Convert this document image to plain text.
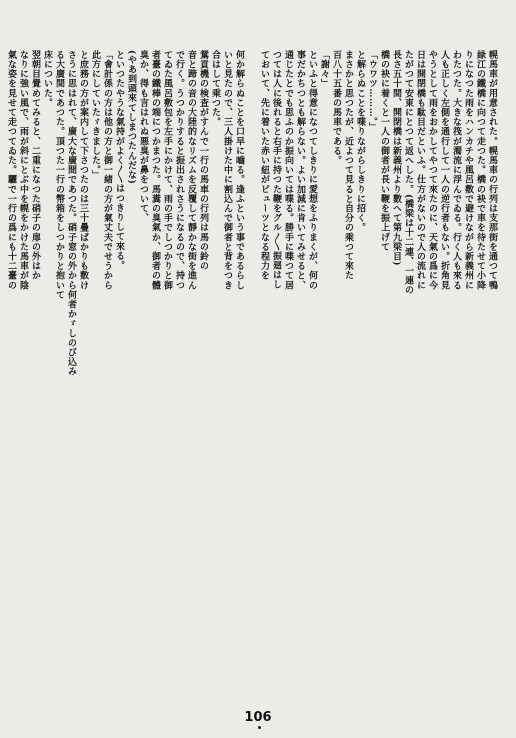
幌馬車が用意された。幌馬車の行列は支那街を通つて鴨
緑江の鐵橋に向つて走つた。橋の袂で車を待たせて小降
りになつた雨をハンカチや風呂敷で避けながら新義州に
わたつた。大きな筏が濁流に浮んでゐる。行く人も來る
人も正しく左側を通行して一人の逆行者もない。折角見
やうとして雨をおかしてやつて來たのに、天氣の爲に今
日は開閉橋も駄目だといふ。仕方がないので人の流れに
たがつて安東にとつて返へした。(橋梁は十二連、一連の
長さ五十間、開閉橋は新義州より數へて第九梁目)
橋の袂に着くと一人の御者が長い鞭を振上げて
「ウワツ………。」
と解らぬことを喋りながらしきりに招く。
まさかと思つたが、近よつて見ると自分の乘つて來た
百八十五番の馬車である。
「謝々」
といふと得意になつてしきりに愛想をふりまくが、何の
事だかちつとも解らない。よい加減に肯いてみせると、
通じたとでも思ふのか振向いては喋る。勝手に喋つて居
つては人に後れると右手に持つた鞭をグル〳〵振廻はし
ておいて、先に着いた赤い紐がピューツとなる程力を
何か解らぬことを口早に嚙る。逢ふという事であるらし
いと見たので、三人掛けた中に割込んで御者と背をつき
合はして乘つた。
鴛貢機の検査がすんで一行の馬車の行列は馬の鈴の
音と蹄の音の大陸的なリズムを反覆して靜かな街を進ん
で行く。うつかりすると振出されさうになるので、持つ
てゐた風呂敷包を左手にかけて、雨の手でしつかりと御
者臺の鐵棒の端につかまつた。馬糞の臭氣か、御者の體
臭か、得も言はれぬ悪臭が鼻をついて、
(やあ到頭來てしまつたんだな)
といつたやうな氣持がよく〳〵はつきりして來る。
「會計係の方は他の方と御一緒の方が氣丈夫でせうから
此方にしていたゞきました。」
と庶務の方が案内して下さつたのは三十疊ばかりも敷け
さうに思はれて、廣大な廣間であつた。硝子窓の外から何者かゞしのび込み
る大廣間であつた。頂つた一行の幣箱をしつかりと抱いて
床についた。
翌朝目覺めてみると、二重になつた硝子の扉の外はか
なりに強い風で、雨が斜にとぶ中を幌をかけた馬車が陰
氣な姿を見せて走つてゐた。驪で一行の爲にも十二臺の
106
